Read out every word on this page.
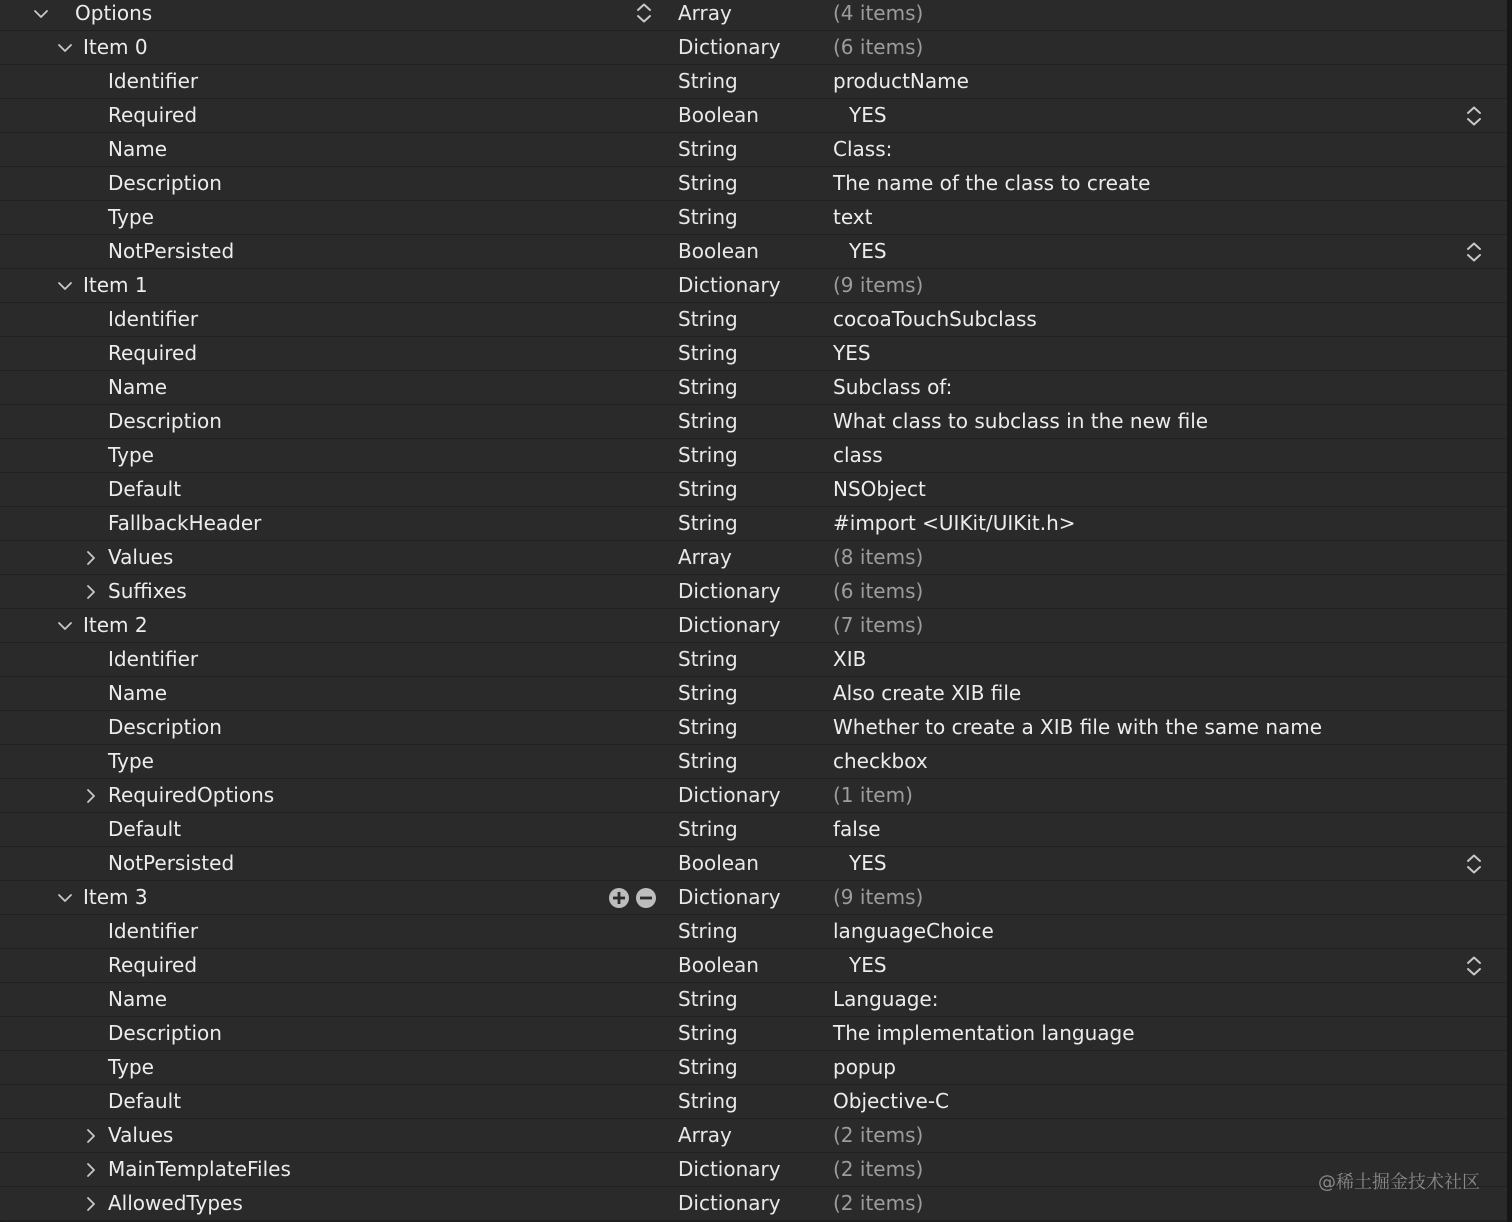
Options	Array	(4 items)
Item 0	Dictionary	(6 items)
Identifier	String	productName
Required	Boolean	YES
Name	String	Class:
Description	String	The name of the class to create
Type	String	text
NotPersisted	Boolean	YES
Item 1	Dictionary	(9 items)
Identifier	String	cocoaTouchSubclass
Required	String	YES
Name	String	Subclass of:
Description	String	What class to subclass in the new file
Type	String	class
Default	String	NSObject
FallbackHeader	String	#import <UIKit/UIKit.h>
Values	Array	(8 items)
Suffixes	Dictionary	(6 items)
Item 2	Dictionary	(7 items)
Identifier	String	XIB
Name	String	Also create XIB file
Description	String	Whether to create a XIB file with the same name
Type	String	checkbox
RequiredOptions	Dictionary	(1 item)
Default	String	false
NotPersisted	Boolean	YES
Item 3	Dictionary	(9 items)
Identifier	String	languageChoice
Required	Boolean	YES
Name	String	Language:
Description	String	The implementation language
Type	String	popup
Default	String	Objective-C
Values	Array	(2 items)
MainTemplateFiles	Dictionary	(2 items)
AllowedTypes	Dictionary	(2 items)
@稀土掘金技术社区
